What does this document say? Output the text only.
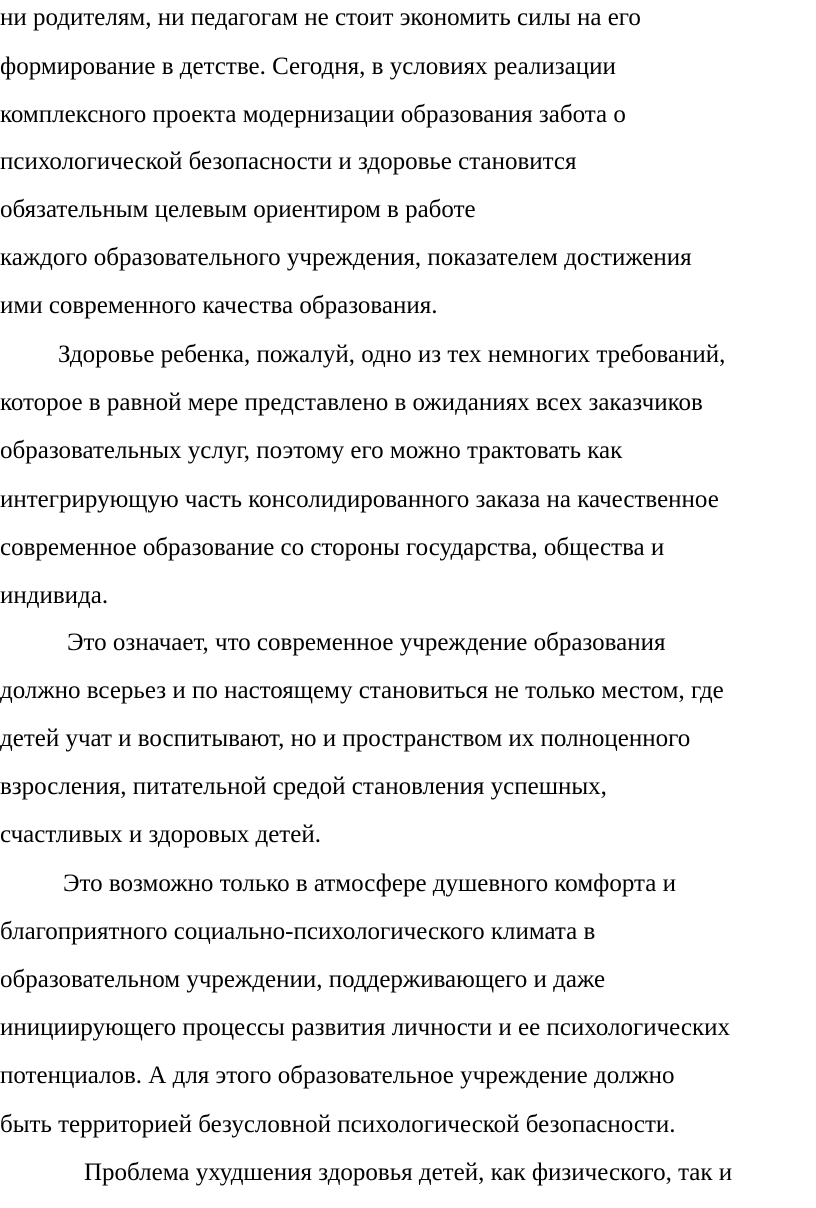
ни родителям, ни педагогам не стоит экономить силы на его
формирование в детстве. Сегодня, в условиях реализации
комплексного проекта модернизации образования забота о
психологической безопасности и здоровье становится
обязательным целевым ориентиром в работе
каждого образовательного учреждения, показателем достижения
ими современного качества образования.
Здоровье ребенка, пожалуй, одно из тех немногих требований,
которое в равной мере представлено в ожиданиях всех заказчиков
образовательных услуг, поэтому его можно трактовать как
интегрирующую часть консолидированного заказа на качественное
современное образование со стороны государства, общества и
индивида.
Это означает, что современное учреждение образования
должно всерьез и по настоящему становиться не только местом, где
детей учат и воспитывают, но и пространством их полноценного
взросления, питательной средой становления успешных,
счастливых и здоровых детей.
Это возможно только в атмосфере душевного комфорта и
благоприятного социально-психологического климата в
образовательном учреждении, поддерживающего и даже
инициирующего процессы развития личности и ее психологических
потенциалов. А для этого образовательное учреждение должно
быть территорией безусловной психологической безопасности.
Проблема ухудшения здоровья детей, как физического, так и
